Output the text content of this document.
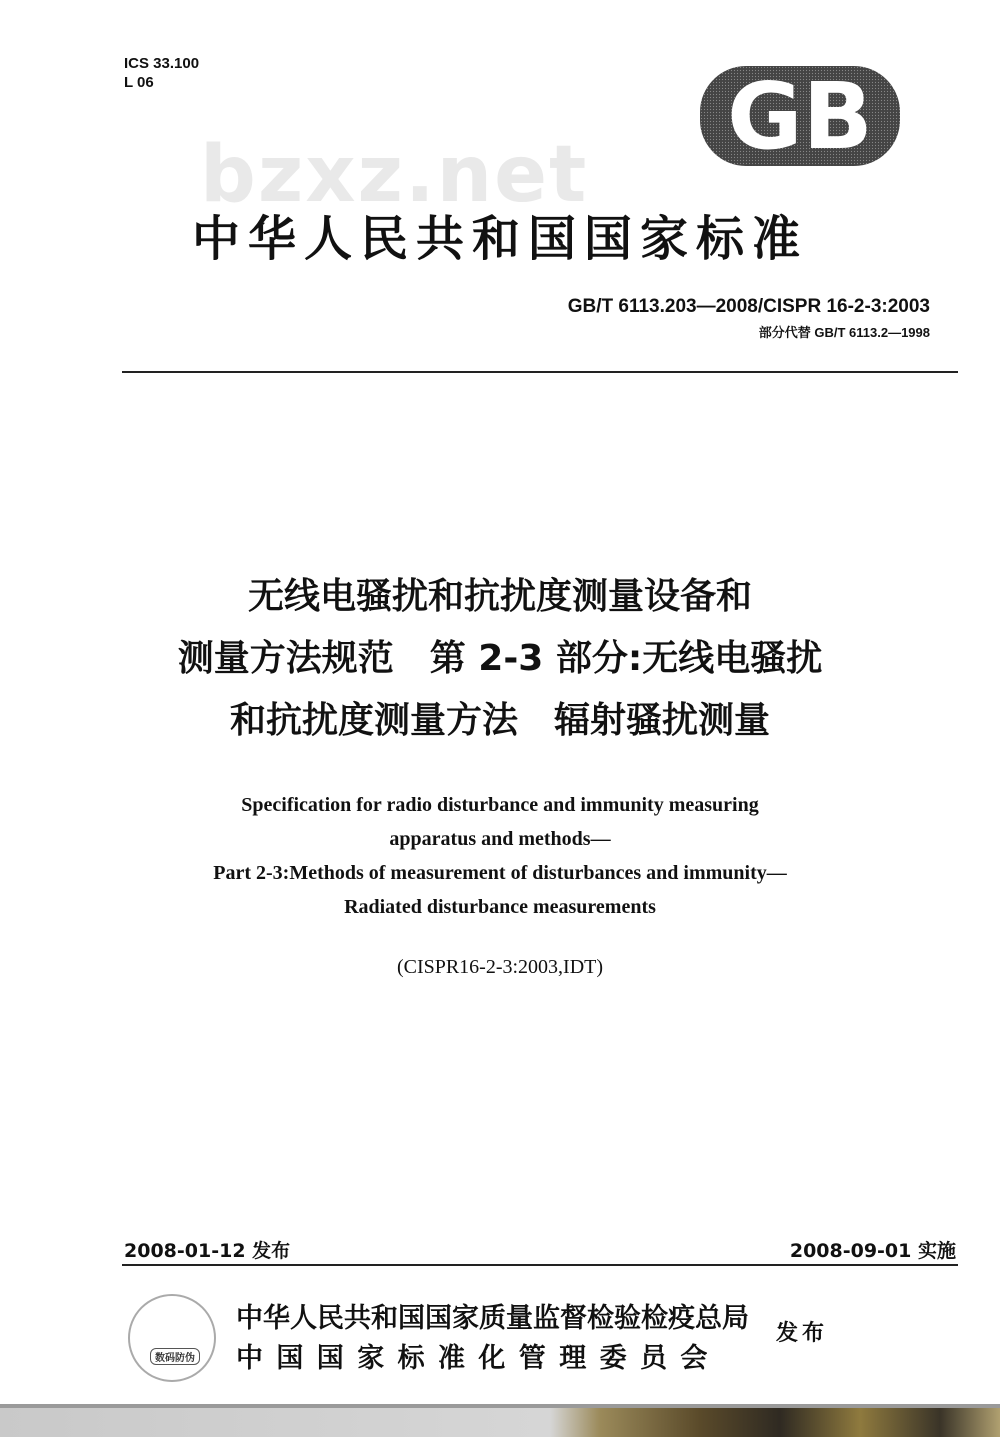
ICS 33.100
L 06	GB
bzxz.net
中华人民共和国国家标准
GB/T 6113.203—2008/CISPR 16-2-3:2003
部分代替 GB/T 6113.2—1998
无线电骚扰和抗扰度测量设备和
测量方法规范　第 2-3 部分:无线电骚扰
和抗扰度测量方法　辐射骚扰测量
Specification for radio disturbance and immunity measuring
apparatus and methods—
Part 2-3:Methods of measurement of disturbances and immunity—
Radiated disturbance measurements
(CISPR16-2-3:2003,IDT)
2008-01-12 发布	2008-09-01 实施
数码防伪
中华人民共和国国家质量监督检验检疫总局
中 国 国 家 标 准 化 管 理 委 员 会
发布
